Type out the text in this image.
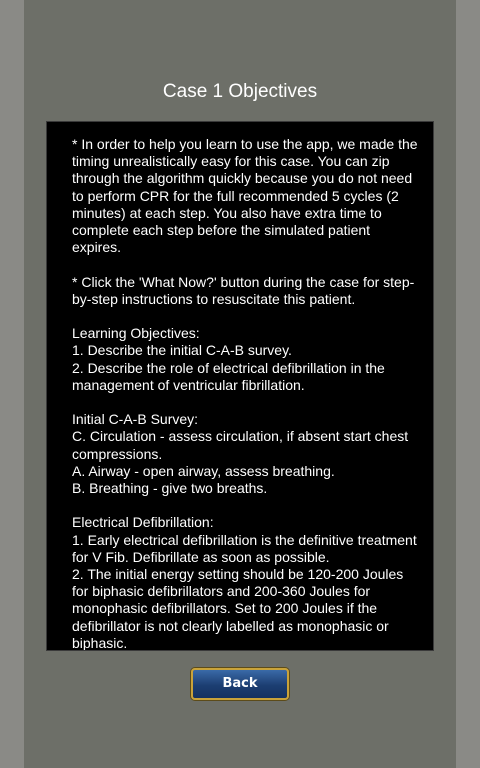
Case 1 Objectives
* In order to help you learn to use the app, we made the timing unrealistically easy for this case. You can zip through the algorithm quickly because you do not need to perform CPR for the full recommended 5 cycles (2 minutes) at each step. You also have extra time to complete each step before the simulated patient expires.

* Click the 'What Now?' button during the case for step-by-step instructions to resuscitate this patient.

Learning Objectives:
1. Describe the initial C-A-B survey.
2. Describe the role of electrical defibrillation in the management of ventricular fibrillation.

Initial C-A-B Survey:
C. Circulation - assess circulation, if absent start chest compressions.
A. Airway - open airway, assess breathing.
B. Breathing - give two breaths.

Electrical Defibrillation:
1. Early electrical defibrillation is the definitive treatment for V Fib. Defibrillate as soon as possible.
2. The initial energy setting should be 120-200 Joules for biphasic defibrillators and 200-360 Joules for monophasic defibrillators. Set to 200 Joules if the defibrillator is not clearly labelled as monophasic or biphasic.
Back
